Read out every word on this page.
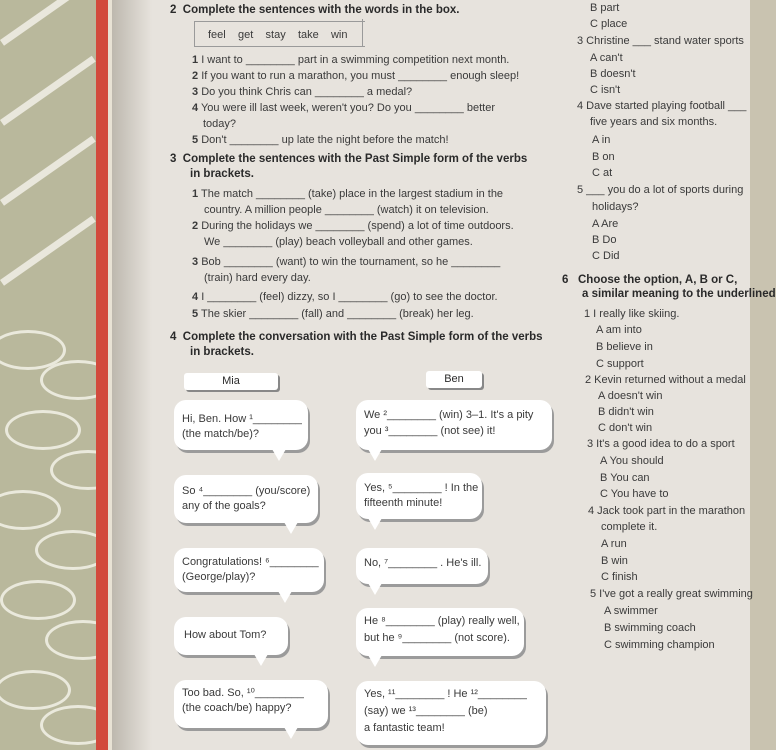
2 Complete the sentences with the words in the box.
feel get stay take win
1 I want to ________ part in a swimming competition next month.
2 If you want to run a marathon, you must ________ enough sleep!
3 Do you think Chris can ________ a medal?
4 You were ill last week, weren't you? Do you ________ better
today?
5 Don't ________ up late the night before the match!
3 Complete the sentences with the Past Simple form of the verbs
in brackets.
1 The match ________ (take) place in the largest stadium in the
country. A million people ________ (watch) it on television.
2 During the holidays we ________ (spend) a lot of time outdoors.
We ________ (play) beach volleyball and other games.
3 Bob ________ (want) to win the tournament, so he ________
(train) hard every day.
4 I ________ (feel) dizzy, so I ________ (go) to see the doctor.
5 The skier ________ (fall) and ________ (break) her leg.
4 Complete the conversation with the Past Simple form of the verbs
in brackets.
Mia	Ben
Hi, Ben. How ¹________
(the match/be)?
So ⁴________ (you/score)
any of the goals?
Congratulations! ⁶________
(George/play)?
How about Tom?
Too bad. So, ¹⁰________
(the coach/be) happy?
We ²________ (win) 3–1. It's a pity
you ³________ (not see) it!
Yes, ⁵________ ! In the
fifteenth minute!
No, ⁷________ . He's ill.
He ⁸________ (play) really well,
but he ⁹________ (not score).
Yes, ¹¹________ ! He ¹²________
(say) we ¹³________ (be)
a fantastic team!
B part
C place
3 Christine ___ stand water sports
A can't
B doesn't
C isn't
4 Dave started playing football ___
five years and six months.
A in
B on
C at
5 ___ you do a lot of sports during
holidays?
A Are
B Do
C Did
6 Choose the option, A, B or C,
a similar meaning to the underlined
1 I really like skiing.
A am into
B believe in
C support
2 Kevin returned without a medal
A doesn't win
B didn't win
C don't win
3 It's a good idea to do a sport
A You should
B You can
C You have to
4 Jack took part in the marathon
complete it.
A run
B win
C finish
5 I've got a really great swimming
A swimmer
B swimming coach
C swimming champion
